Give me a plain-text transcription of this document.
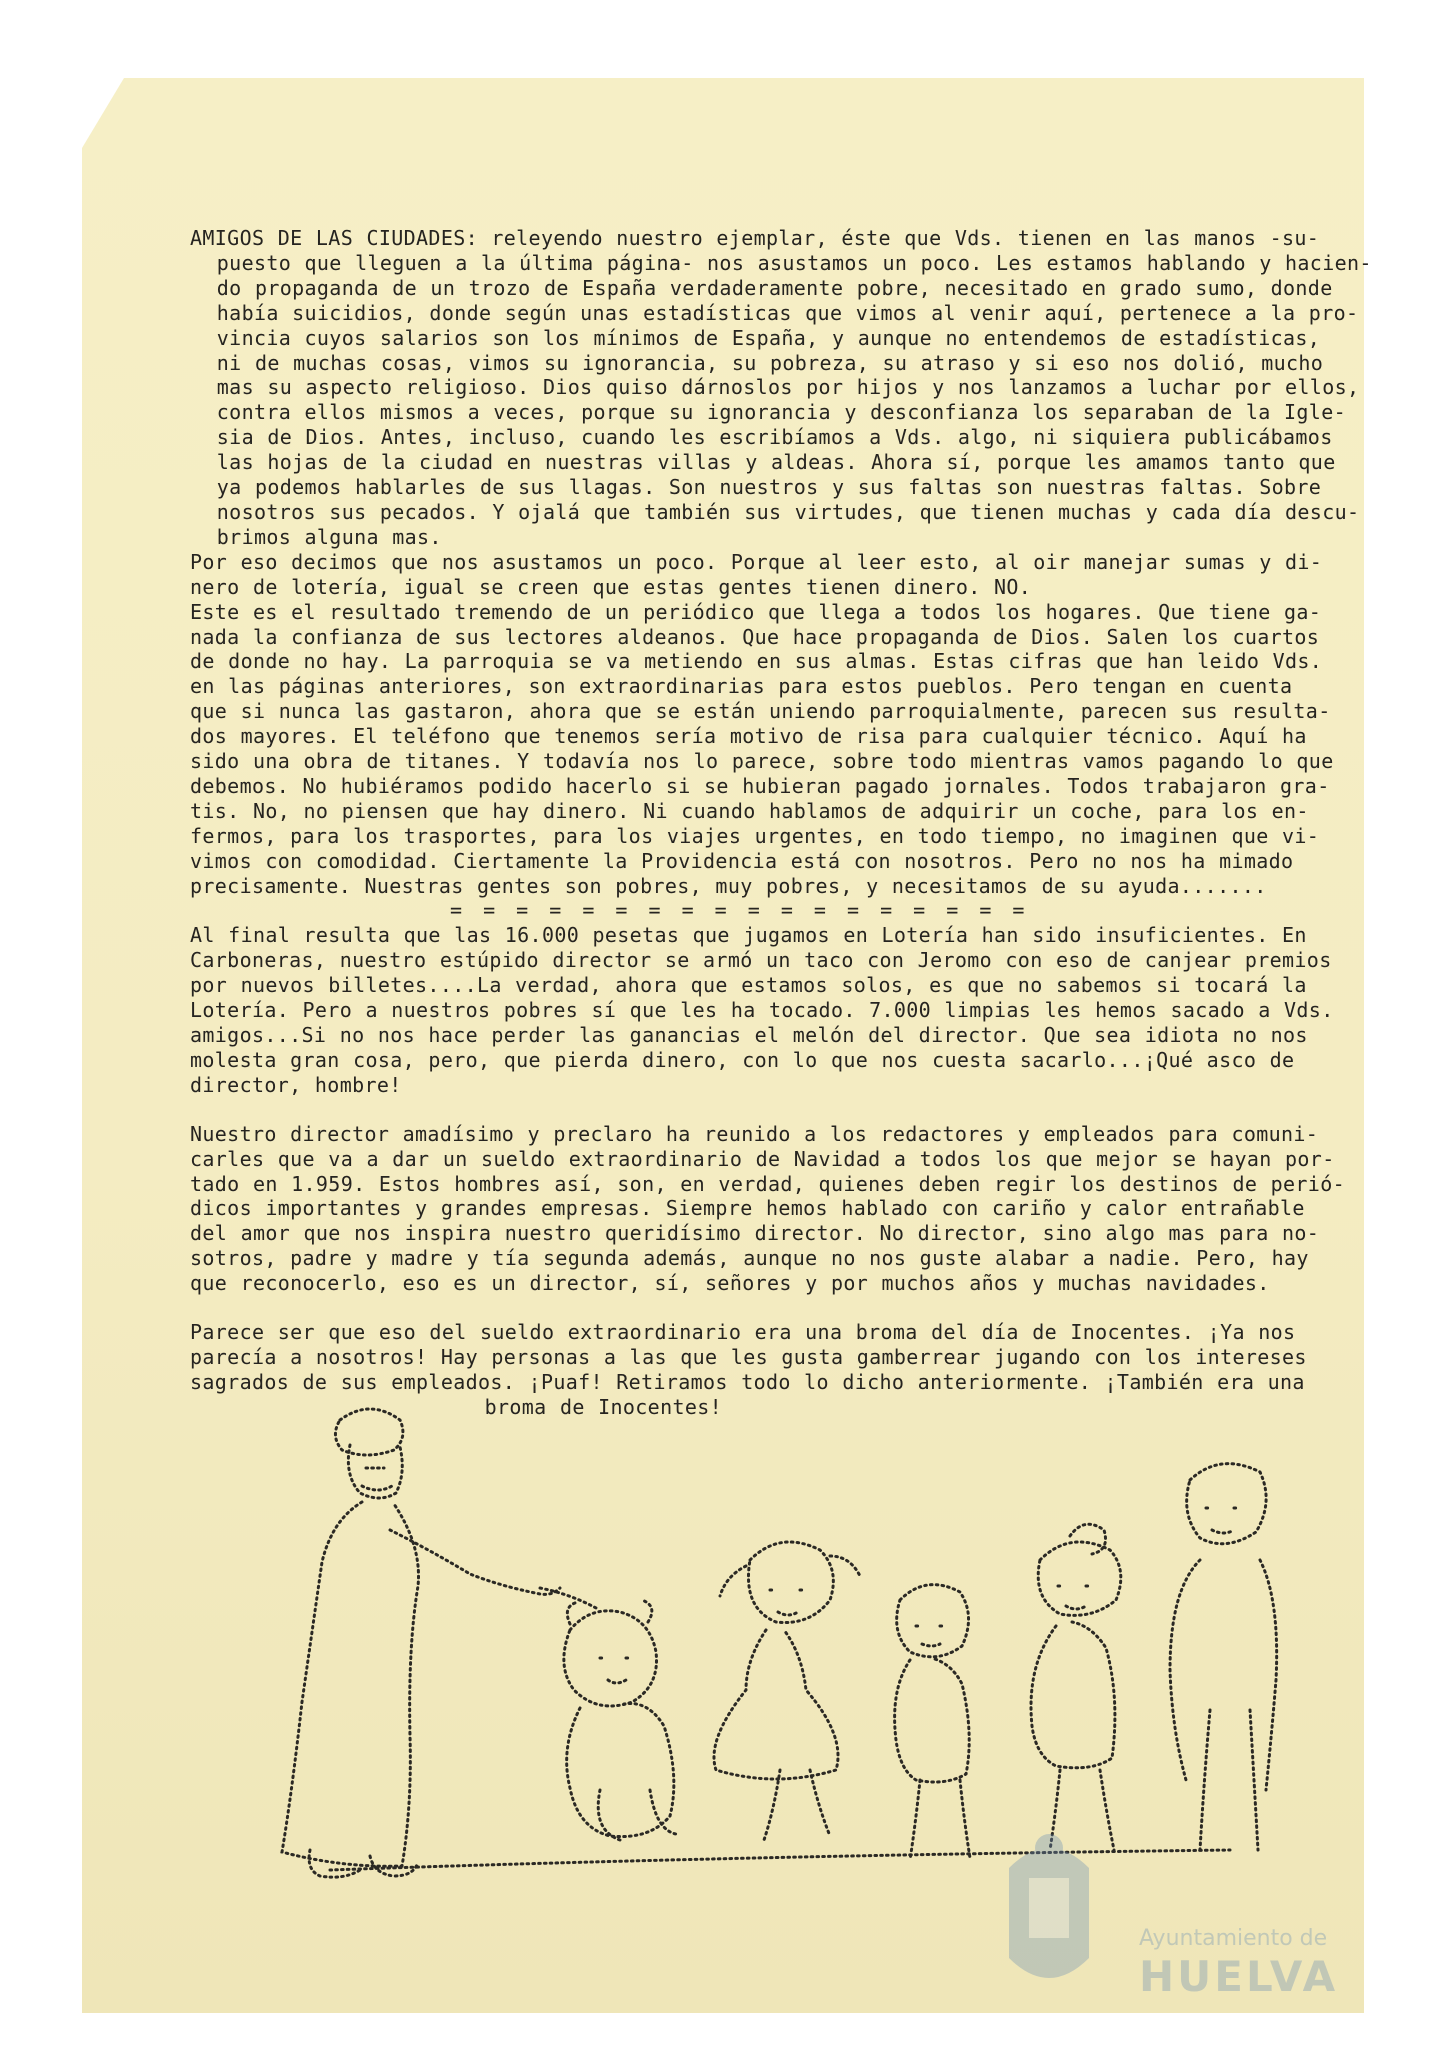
AMIGOS DE LAS CIUDADES: releyendo nuestro ejemplar, éste que Vds. tienen en las manos -su-
puesto que lleguen a la última página- nos asustamos un poco. Les estamos hablando y hacien-
do propaganda de un trozo de España verdaderamente pobre, necesitado en grado sumo, donde
había suicidios, donde según unas estadísticas que vimos al venir aquí, pertenece a la pro-
vincia cuyos salarios son los mínimos de España, y aunque no entendemos de estadísticas,
ni de muchas cosas, vimos su ignorancia, su pobreza, su atraso y si eso nos dolió, mucho
mas su aspecto religioso. Dios quiso dárnoslos por hijos y nos lanzamos a luchar por ellos,
contra ellos mismos a veces, porque su ignorancia y desconfianza los separaban de la Igle-
sia de Dios. Antes, incluso, cuando les escribíamos a Vds. algo, ni siquiera publicábamos
las hojas de la ciudad en nuestras villas y aldeas. Ahora sí, porque les amamos tanto que
ya podemos hablarles de sus llagas. Son nuestros y sus faltas son nuestras faltas. Sobre
nosotros sus pecados. Y ojalá que también sus virtudes, que tienen muchas y cada día descu-
brimos alguna mas.
Por eso decimos que nos asustamos un poco. Porque al leer esto, al oir manejar sumas y di-
nero de lotería, igual se creen que estas gentes tienen dinero. NO.
Este es el resultado tremendo de un periódico que llega a todos los hogares. Que tiene ga-
nada la confianza de sus lectores aldeanos. Que hace propaganda de Dios. Salen los cuartos
de donde no hay. La parroquia se va metiendo en sus almas. Estas cifras que han leido Vds.
en las páginas anteriores, son extraordinarias para estos pueblos. Pero tengan en cuenta
que si nunca las gastaron, ahora que se están uniendo parroquialmente, parecen sus resulta-
dos mayores. El teléfono que tenemos sería motivo de risa para cualquier técnico. Aquí ha
sido una obra de titanes. Y todavía nos lo parece, sobre todo mientras vamos pagando lo que
debemos. No hubiéramos podido hacerlo si se hubieran pagado jornales. Todos trabajaron gra-
tis. No, no piensen que hay dinero. Ni cuando hablamos de adquirir un coche, para los en-
fermos, para los trasportes, para los viajes urgentes, en todo tiempo, no imaginen que vi-
vimos con comodidad. Ciertamente la Providencia está con nosotros. Pero no nos ha mimado
precisamente. Nuestras gentes son pobres, muy pobres, y necesitamos de su ayuda.......
= = = = = = = = = = = = = = = = = =
Al final resulta que las 16.000 pesetas que jugamos en Lotería han sido insuficientes. En
Carboneras, nuestro estúpido director se armó un taco con Jeromo con eso de canjear premios
por nuevos billetes....La verdad, ahora que estamos solos, es que no sabemos si tocará la
Lotería. Pero a nuestros pobres sí que les ha tocado. 7.000 limpias les hemos sacado a Vds.
amigos...Si no nos hace perder las ganancias el melón del director. Que sea idiota no nos
molesta gran cosa, pero, que pierda dinero, con lo que nos cuesta sacarlo...¡Qué asco de
director, hombre!
Nuestro director amadísimo y preclaro ha reunido a los redactores y empleados para comuni-
carles que va a dar un sueldo extraordinario de Navidad a todos los que mejor se hayan por-
tado en 1.959. Estos hombres así, son, en verdad, quienes deben regir los destinos de perió-
dicos importantes y grandes empresas. Siempre hemos hablado con cariño y calor entrañable
del amor que nos inspira nuestro queridísimo director. No director, sino algo mas para no-
sotros, padre y madre y tía segunda además, aunque no nos guste alabar a nadie. Pero, hay
que reconocerlo, eso es un director, sí, señores y por muchos años y muchas navidades.
Parece ser que eso del sueldo extraordinario era una broma del día de Inocentes. ¡Ya nos
parecía a nosotros! Hay personas a las que les gusta gamberrear jugando con los intereses
sagrados de sus empleados. ¡Puaf! Retiramos todo lo dicho anteriormente. ¡También era una
broma de Inocentes!
Ayuntamiento de
HUELVA
